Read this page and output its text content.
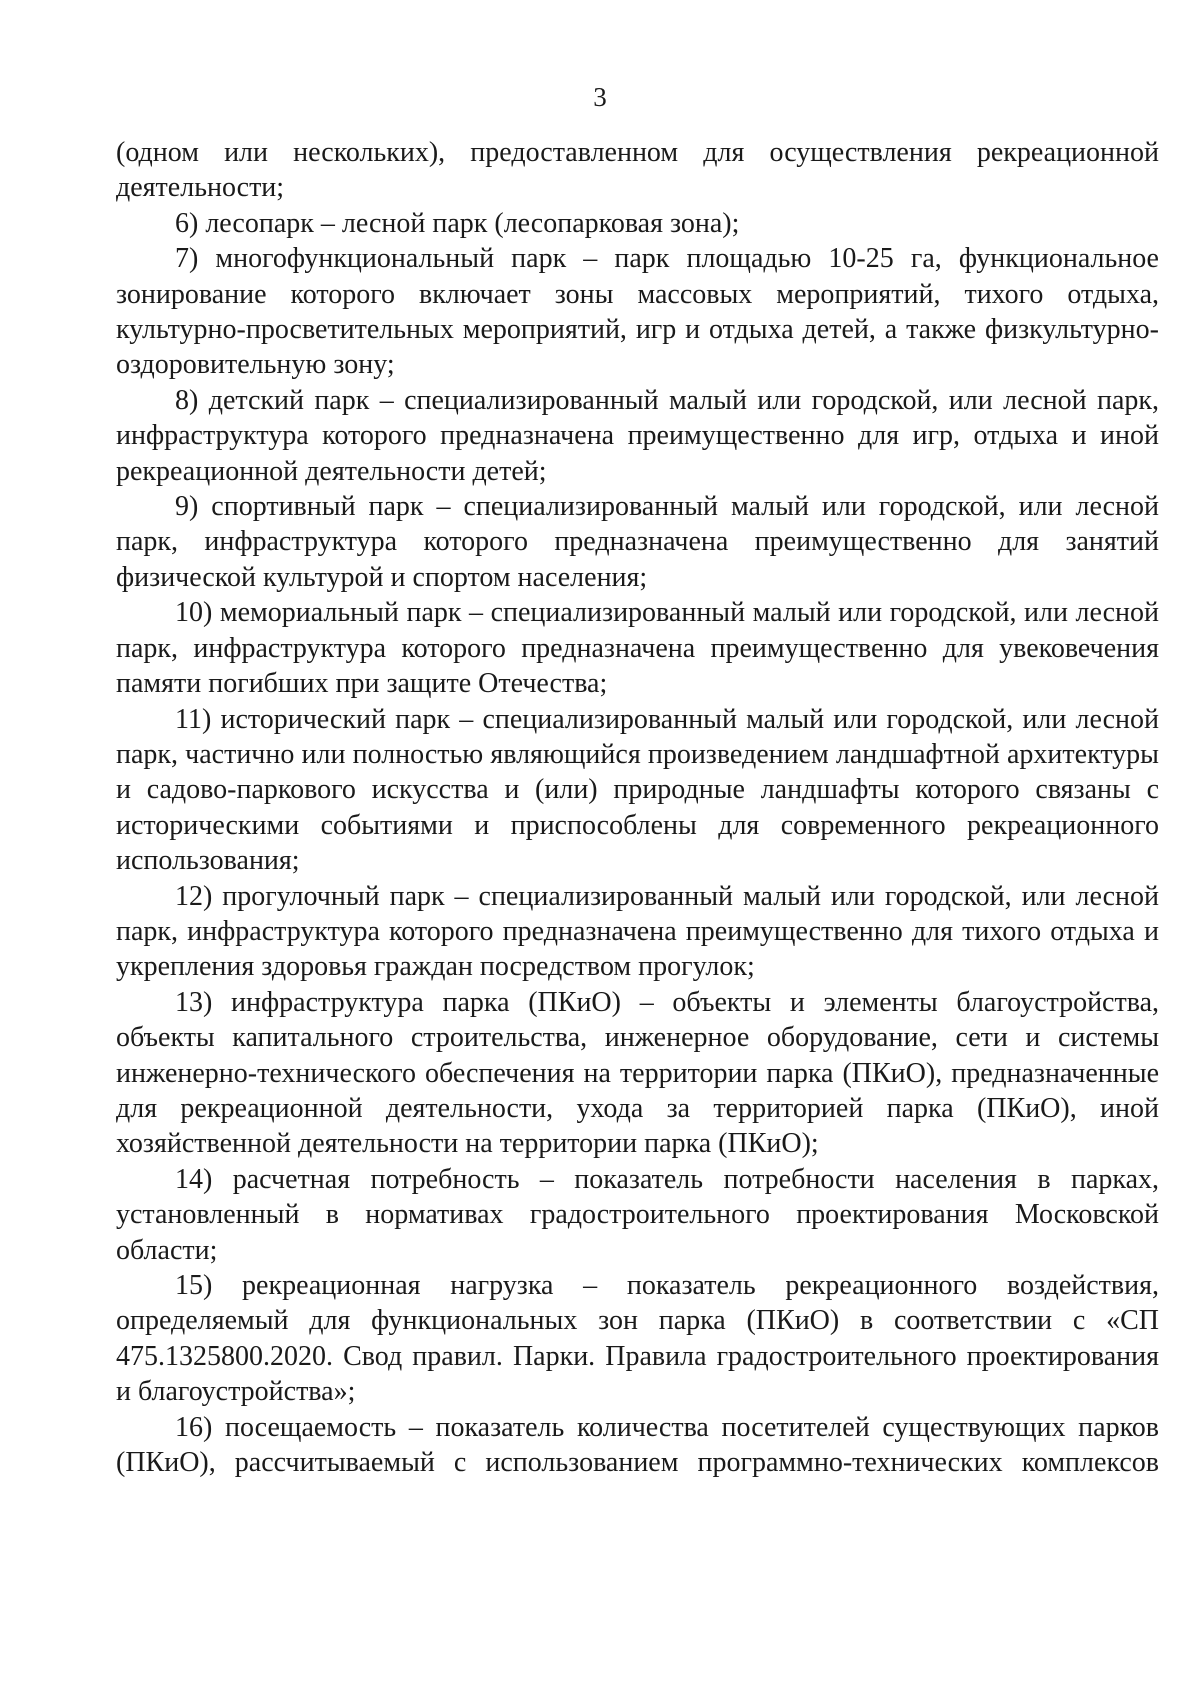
3

(одном или нескольких), предоставленном для осуществления рекреационной деятельности;

6) лесопарк – лесной парк (лесопарковая зона);

7) многофункциональный парк – парк площадью 10-25 га, функциональное зонирование которого включает зоны массовых мероприятий, тихого отдыха, культурно-просветительных мероприятий, игр и отдыха детей, а также физкультурно-оздоровительную зону;

8) детский парк – специализированный малый или городской, или лесной парк, инфраструктура которого предназначена преимущественно для игр, отдыха и иной рекреационной деятельности детей;

9) спортивный парк – специализированный малый или городской, или лесной парк, инфраструктура которого предназначена преимущественно для занятий физической культурой и спортом населения;

10) мемориальный парк – специализированный малый или городской, или лесной парк, инфраструктура которого предназначена преимущественно для увековечения памяти погибших при защите Отечества;

11) исторический парк – специализированный малый или городской, или лесной парк, частично или полностью являющийся произведением ландшафтной архитектуры и садово-паркового искусства и (или) природные ландшафты которого связаны с историческими событиями и приспособлены для современного рекреационного использования;

12) прогулочный парк – специализированный малый или городской, или лесной парк, инфраструктура которого предназначена преимущественно для тихого отдыха и укрепления здоровья граждан посредством прогулок;

13) инфраструктура парка (ПКиО) – объекты и элементы благоустройства, объекты капитального строительства, инженерное оборудование, сети и системы инженерно-технического обеспечения на территории парка (ПКиО), предназначенные для рекреационной деятельности, ухода за территорией парка (ПКиО), иной хозяйственной деятельности на территории парка (ПКиО);

14) расчетная потребность – показатель потребности населения в парках, установленный в нормативах градостроительного проектирования Московской области;

15) рекреационная нагрузка – показатель рекреационного воздействия, определяемый для функциональных зон парка (ПКиО) в соответствии с «СП 475.1325800.2020. Свод правил. Парки. Правила градостроительного проектирования и благоустройства»;

16) посещаемость – показатель количества посетителей существующих парков (ПКиО), рассчитываемый с использованием программно-технических комплексов
